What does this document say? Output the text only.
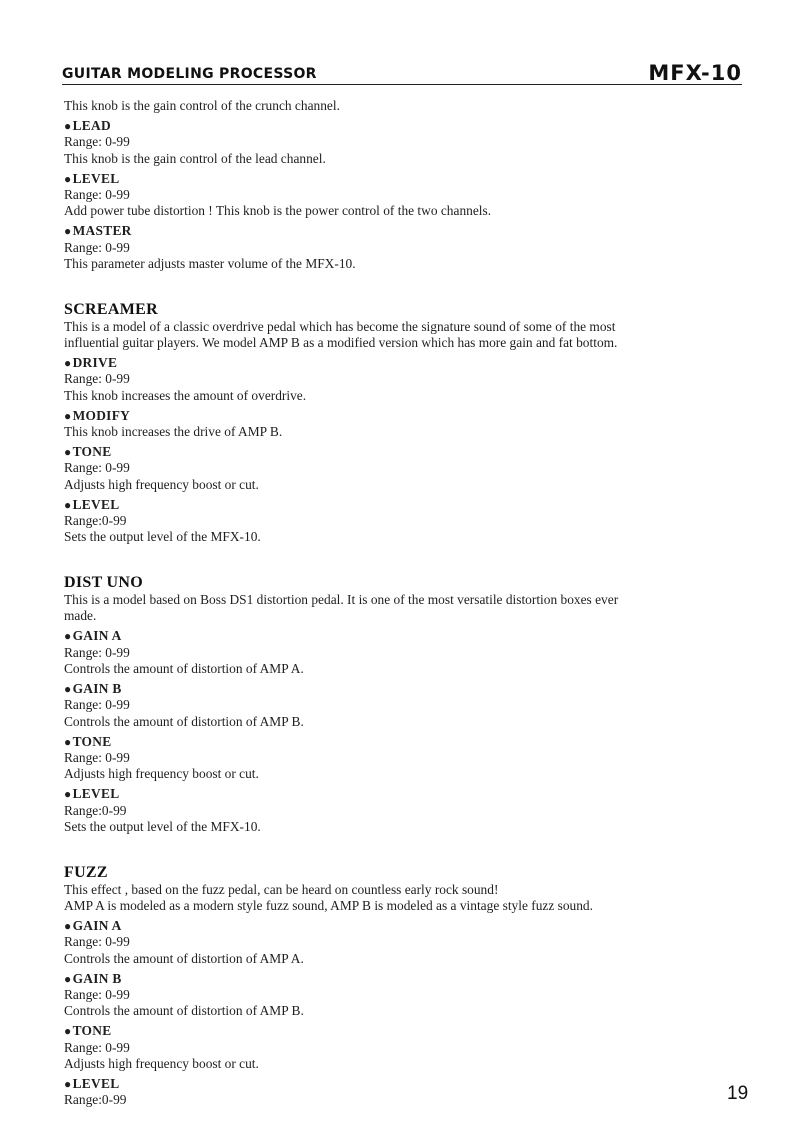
GUITAR MODELING PROCESSOR	MFX-10
This knob is the gain control of the crunch channel.
●LEAD
Range: 0-99
This knob is the gain control of the lead channel.
●LEVEL
Range: 0-99
Add power tube distortion ! This knob is the power control of the two channels.
●MASTER
Range: 0-99
This parameter adjusts master volume of the MFX-10.
SCREAMER
This is a model of a classic overdrive pedal which has become the signature sound of some of the most
influential guitar players. We model AMP B as a modified version which has more gain and fat bottom.
●DRIVE
Range: 0-99
This knob increases the amount of overdrive.
●MODIFY
This knob increases the drive of AMP B.
●TONE
Range: 0-99
Adjusts high frequency boost or cut.
●LEVEL
Range:0-99
Sets the output level of the MFX-10.
DIST UNO
This is a model based on Boss DS1 distortion pedal. It is one of the most versatile distortion boxes ever
made.
●GAIN A
Range: 0-99
Controls the amount of distortion of AMP A.
●GAIN B
Range: 0-99
Controls the amount of distortion of AMP B.
●TONE
Range: 0-99
Adjusts high frequency boost or cut.
●LEVEL
Range:0-99
Sets the output level of the MFX-10.
FUZZ
This effect , based on the fuzz pedal, can be heard on countless early rock sound!
AMP A is modeled as a modern style fuzz sound, AMP B is modeled as a vintage style fuzz sound.
●GAIN A
Range: 0-99
Controls the amount of distortion of AMP A.
●GAIN B
Range: 0-99
Controls the amount of distortion of AMP B.
●TONE
Range: 0-99
Adjusts high frequency boost or cut.
●LEVEL
Range:0-99	19
